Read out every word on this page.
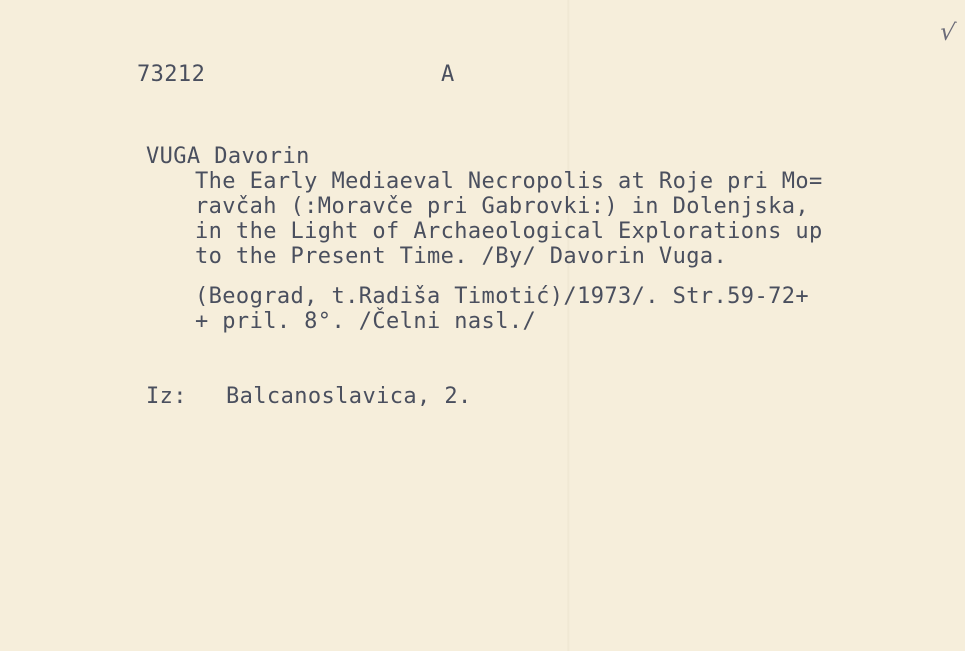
√
73212	A
VUGA Davorin
The Early Mediaeval Necropolis at Roje pri Mo=
ravčah (:Moravče pri Gabrovki:) in Dolenjska,
in the Light of Archaeological Explorations up
to the Present Time. /By/ Davorin Vuga.
(Beograd, t.Radiša Timotić)/1973/. Str.59-72+
+ pril. 8°. /Čelni nasl./
Iz: Balcanoslavica, 2.
